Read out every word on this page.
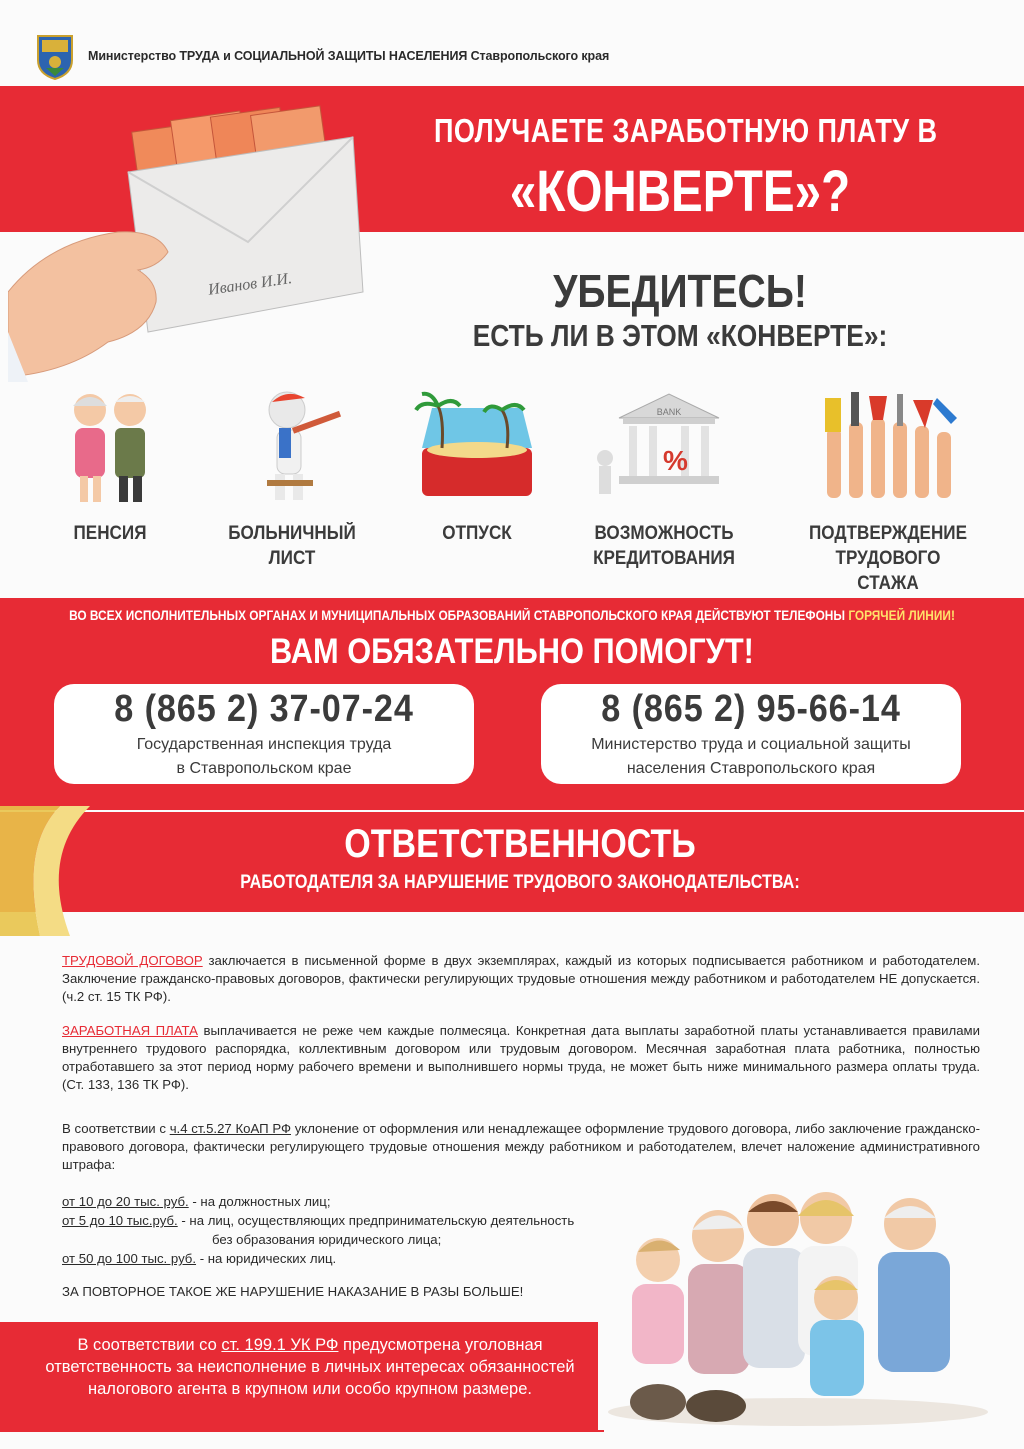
Министерство ТРУДА и СОЦИАЛЬНОЙ ЗАЩИТЫ НАСЕЛЕНИЯ Ставропольского края
Иванов И.И.
ПОЛУЧАЕТЕ ЗАРАБОТНУЮ ПЛАТУ В
«КОНВЕРТЕ»?
УБЕДИТЕСЬ!
ЕСТЬ ЛИ В ЭТОМ «КОНВЕРТЕ»:
ПЕНСИЯ	БОЛЬНИЧНЫЙ ЛИСТ
ОТПУСК
BANK
%
ВОЗМОЖНОСТЬ КРЕДИТОВАНИЯ
ПОДТВЕРЖДЕНИЕ ТРУДОВОГО СТАЖА
ВО ВСЕХ ИСПОЛНИТЕЛЬНЫХ ОРГАНАХ И МУНИЦИПАЛЬНЫХ ОБРАЗОВАНИЙ СТАВРОПОЛЬСКОГО КРАЯ ДЕЙСТВУЮТ ТЕЛЕФОНЫ ГОРЯЧЕЙ ЛИНИИ!
ВАМ ОБЯЗАТЕЛЬНО ПОМОГУТ!
8 (865 2) 37-07-24
Государственная инспекция труда
в Ставропольском крае
8 (865 2) 95-66-14
Министерство труда и социальной защиты
населения Ставропольского края
ОТВЕТСТВЕННОСТЬ
РАБОТОДАТЕЛЯ ЗА НАРУШЕНИЕ ТРУДОВОГО ЗАКОНОДАТЕЛЬСТВА:

ТРУДОВОЙ ДОГОВОР заключается в письменной форме в двух экземплярах, каждый из которых подписывается работником и работодателем. Заключение гражданско-правовых договоров, фактически регулирующих трудовые отношения между работником и работодателем НЕ допускается. (ч.2 ст. 15 ТК РФ).

ЗАРАБОТНАЯ ПЛАТА выплачивается не реже чем каждые полмесяца. Конкретная дата выплаты заработной платы устанавливается правилами внутреннего трудового распорядка, коллективным договором или трудовым договором. Месячная заработная плата работника, полностью отработавшего за этот период норму рабочего времени и выполнившего нормы труда, не может быть ниже минимального размера оплаты труда. (Ст. 133, 136 ТК РФ).

В соответствии с ч.4 ст.5.27 КоАП РФ уклонение от оформления или ненадлежащее оформление трудового договора, либо заключение гражданско-правового договора, фактически регулирующего трудовые отношения между работником и работодателем, влечет наложение административного штрафа:

от 10 до 20 тыс. руб. - на должностных лиц;
от 5 до 10 тыс.руб. - на лиц, осуществляющих предпринимательскую деятельность
без образования юридического лица;
от 50 до 100 тыс. руб. - на юридических лиц.
ЗА ПОВТОРНОЕ ТАКОЕ ЖЕ НАРУШЕНИЕ НАКАЗАНИЕ В РАЗЫ БОЛЬШЕ!
В соответствии со ст. 199.1 УК РФ предусмотрена уголовная ответственность за неисполнение в личных интересах обязанностей налогового агента в крупном или особо крупном размере.
